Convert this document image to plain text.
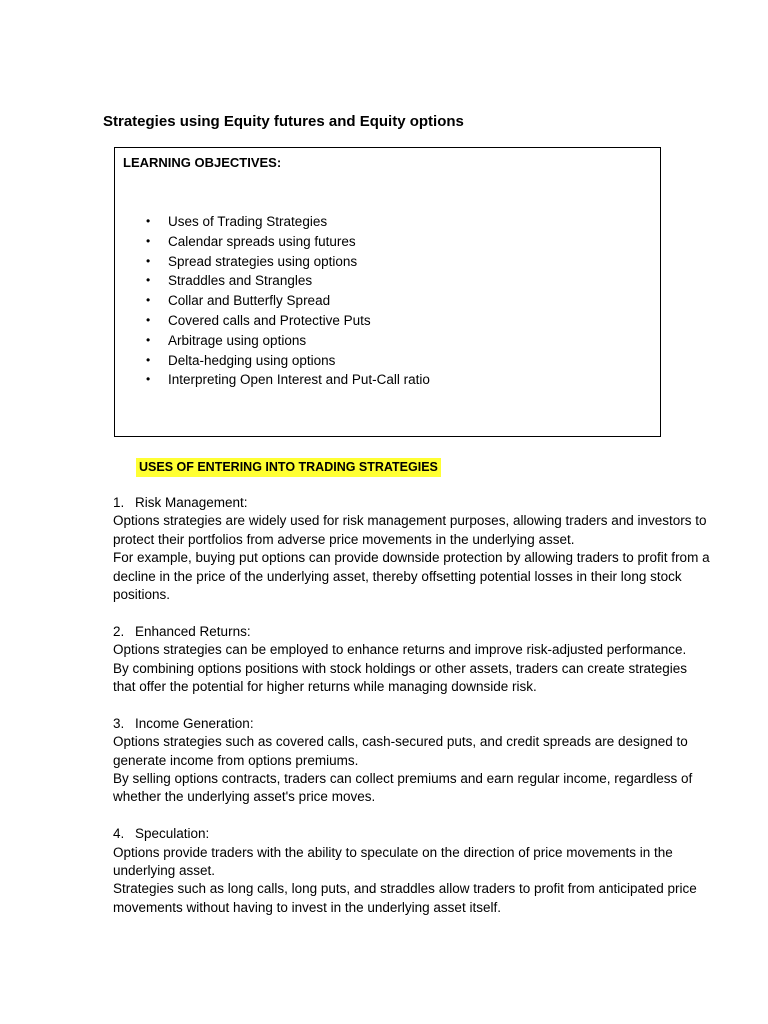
Strategies using Equity futures and Equity options
LEARNING OBJECTIVES:
• Uses of Trading Strategies
• Calendar spreads using futures
• Spread strategies using options
• Straddles and Strangles
• Collar and Butterfly Spread
• Covered calls and Protective Puts
• Arbitrage using options
• Delta-hedging using options
• Interpreting Open Interest and Put-Call ratio
USES OF ENTERING INTO TRADING STRATEGIES
1. Risk Management:

Options strategies are widely used for risk management purposes, allowing traders and investors to protect their portfolios from adverse price movements in the underlying asset.

For example, buying put options can provide downside protection by allowing traders to profit from a decline in the price of the underlying asset, thereby offsetting potential losses in their long stock positions.

2. Enhanced Returns:

Options strategies can be employed to enhance returns and improve risk-adjusted performance.

By combining options positions with stock holdings or other assets, traders can create strategies that offer the potential for higher returns while managing downside risk.

3. Income Generation:

Options strategies such as covered calls, cash-secured puts, and credit spreads are designed to generate income from options premiums.

By selling options contracts, traders can collect premiums and earn regular income, regardless of whether the underlying asset's price moves.

4. Speculation:

Options provide traders with the ability to speculate on the direction of price movements in the underlying asset.

Strategies such as long calls, long puts, and straddles allow traders to profit from anticipated price movements without having to invest in the underlying asset itself.
